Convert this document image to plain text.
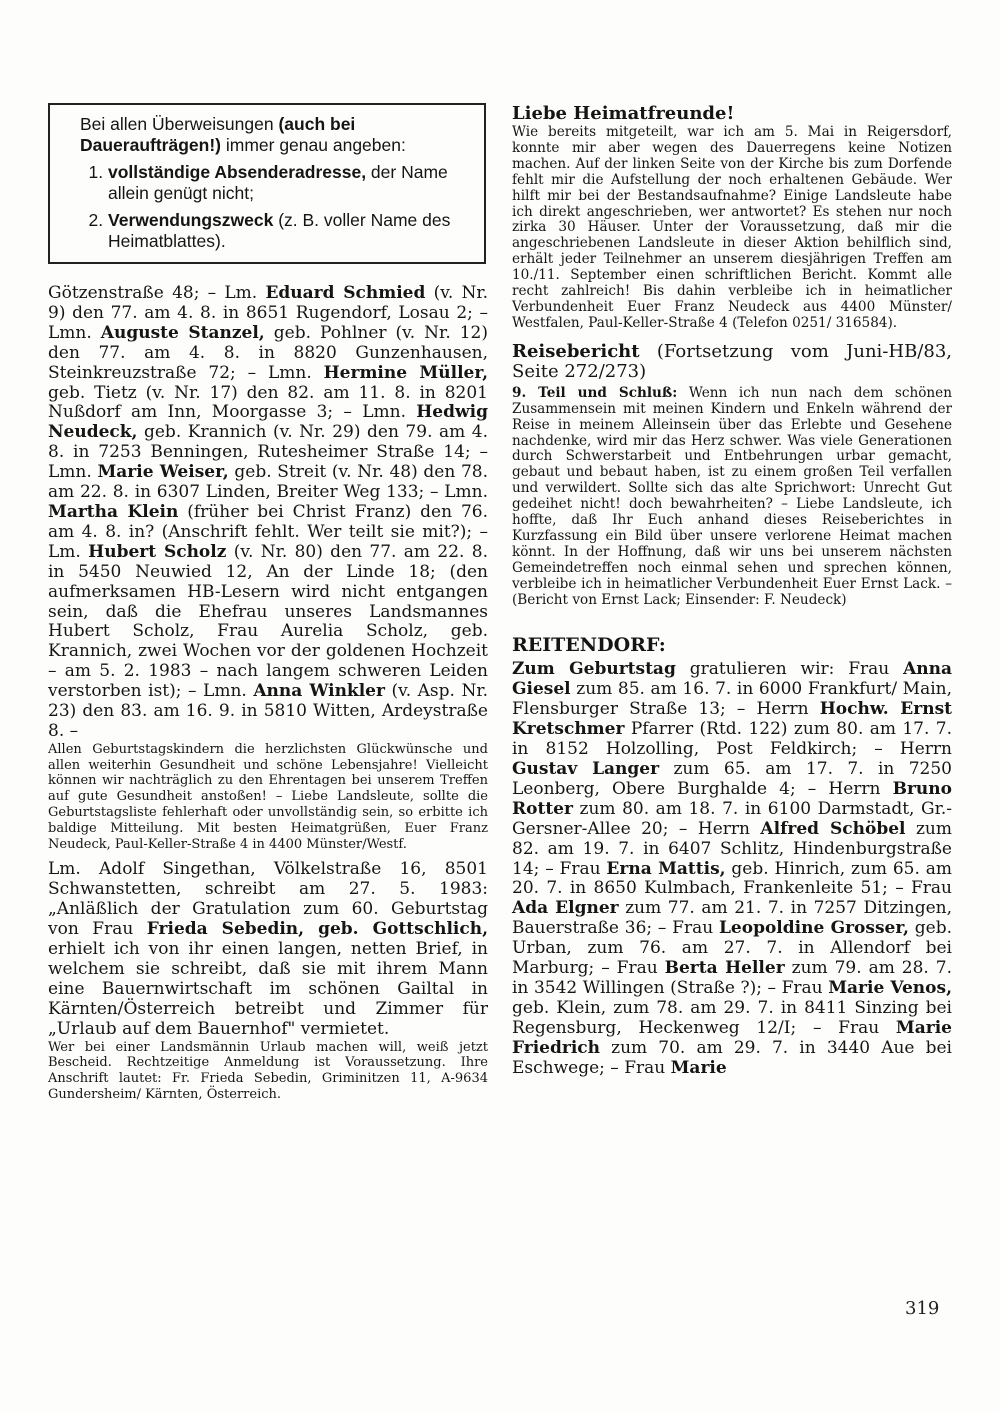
Bei allen Überweisungen (auch bei Daueraufträgen!) immer genau angeben:
1. vollständige Absenderadresse, der Name allein genügt nicht;
2. Verwendungszweck (z. B. voller Name des Heimatblattes).

Götzenstraße 48; – Lm. Eduard Schmied (v. Nr. 9) den 77. am 4. 8. in 8651 Rugendorf, Losau 2; – Lmn. Auguste Stanzel, geb. Pohlner (v. Nr. 12) den 77. am 4. 8. in 8820 Gunzenhausen, Steinkreuzstraße 72; – Lmn. Hermine Müller, geb. Tietz (v. Nr. 17) den 82. am 11. 8. in 8201 Nußdorf am Inn, Moorgasse 3; – Lmn. Hedwig Neudeck, geb. Krannich (v. Nr. 29) den 79. am 4. 8. in 7253 Benningen, Rutesheimer Straße 14; – Lmn. Marie Weiser, geb. Streit (v. Nr. 48) den 78. am 22. 8. in 6307 Linden, Breiter Weg 133; – Lmn. Martha Klein (früher bei Christ Franz) den 76. am 4. 8. in? (Anschrift fehlt. Wer teilt sie mit?); – Lm. Hubert Scholz (v. Nr. 80) den 77. am 22. 8. in 5450 Neuwied 12, An der Linde 18; (den aufmerksamen HB-Lesern wird nicht entgangen sein, daß die Ehefrau unseres Landsmannes Hubert Scholz, Frau Aurelia Scholz, geb. Krannich, zwei Wochen vor der goldenen Hochzeit – am 5. 2. 1983 – nach langem schweren Leiden verstorben ist); – Lmn. Anna Winkler (v. Asp. Nr. 23) den 83. am 16. 9. in 5810 Witten, Ardeystraße 8. –

Allen Geburtstagskindern die herzlichsten Glückwünsche und allen weiterhin Gesundheit und schöne Lebensjahre! Vielleicht können wir nachträglich zu den Ehrentagen bei unserem Treffen auf gute Gesundheit anstoßen! – Liebe Landsleute, sollte die Geburtstagsliste fehlerhaft oder unvollständig sein, so erbitte ich baldige Mitteilung. Mit besten Heimatgrüßen, Euer Franz Neudeck, Paul-Keller-Straße 4 in 4400 Münster/Westf.

Lm. Adolf Singethan, Völkelstraße 16, 8501 Schwanstetten, schreibt am 27. 5. 1983: „Anläßlich der Gratulation zum 60. Geburtstag von Frau Frieda Sebedin, geb. Gottschlich, erhielt ich von ihr einen langen, netten Brief, in welchem sie schreibt, daß sie mit ihrem Mann eine Bauernwirtschaft im schönen Gailtal in Kärnten/Österreich betreibt und Zimmer für „Urlaub auf dem Bauernhof" vermietet.

Wer bei einer Landsmännin Urlaub machen will, weiß jetzt Bescheid. Rechtzeitige Anmeldung ist Voraussetzung. Ihre Anschrift lautet: Fr. Frieda Sebedin, Griminitzen 11, A-9634 Gundersheim/ Kärnten, Österreich.

Liebe Heimatfreunde!

Wie bereits mitgeteilt, war ich am 5. Mai in Reigersdorf, konnte mir aber wegen des Dauerregens keine Notizen machen. Auf der linken Seite von der Kirche bis zum Dorfende fehlt mir die Aufstellung der noch erhaltenen Gebäude. Wer hilft mir bei der Bestandsaufnahme? Einige Landsleute habe ich direkt angeschrieben, wer antwortet? Es stehen nur noch zirka 30 Häuser. Unter der Voraussetzung, daß mir die angeschriebenen Landsleute in dieser Aktion behilflich sind, erhält jeder Teilnehmer an unserem diesjährigen Treffen am 10./11. September einen schriftlichen Bericht. Kommt alle recht zahlreich! Bis dahin verbleibe ich in heimatlicher Verbundenheit Euer Franz Neudeck aus 4400 Münster/ Westfalen, Paul-Keller-Straße 4 (Telefon 0251/ 316584).

Reisebericht (Fortsetzung vom Juni-HB/83, Seite 272/273)

9. Teil und Schluß: Wenn ich nun nach dem schönen Zusammensein mit meinen Kindern und Enkeln während der Reise in meinem Alleinsein über das Erlebte und Gesehene nachdenke, wird mir das Herz schwer. Was viele Generationen durch Schwerstarbeit und Entbehrungen urbar gemacht, gebaut und bebaut haben, ist zu einem großen Teil verfallen und verwildert. Sollte sich das alte Sprichwort: Unrecht Gut gedeihet nicht! doch bewahrheiten? – Liebe Landsleute, ich hoffte, daß Ihr Euch anhand dieses Reiseberichtes in Kurzfassung ein Bild über unsere verlorene Heimat machen könnt. In der Hoffnung, daß wir uns bei unserem nächsten Gemeindetreffen noch einmal sehen und sprechen können, verbleibe ich in heimatlicher Verbundenheit Euer Ernst Lack. – (Bericht von Ernst Lack; Einsender: F. Neudeck)

REITENDORF:

Zum Geburtstag gratulieren wir: Frau Anna Giesel zum 85. am 16. 7. in 6000 Frankfurt/ Main, Flensburger Straße 13; – Herrn Hochw. Ernst Kretschmer Pfarrer (Rtd. 122) zum 80. am 17. 7. in 8152 Holzolling, Post Feldkirch; – Herrn Gustav Langer zum 65. am 17. 7. in 7250 Leonberg, Obere Burghalde 4; – Herrn Bruno Rotter zum 80. am 18. 7. in 6100 Darmstadt, Gr.-Gersner-Allee 20; – Herrn Alfred Schöbel zum 82. am 19. 7. in 6407 Schlitz, Hindenburgstraße 14; – Frau Erna Mattis, geb. Hinrich, zum 65. am 20. 7. in 8650 Kulmbach, Frankenleite 51; – Frau Ada Elgner zum 77. am 21. 7. in 7257 Ditzingen, Bauerstraße 36; – Frau Leopoldine Grosser, geb. Urban, zum 76. am 27. 7. in Allendorf bei Marburg; – Frau Berta Heller zum 79. am 28. 7. in 3542 Willingen (Straße ?); – Frau Marie Venos, geb. Klein, zum 78. am 29. 7. in 8411 Sinzing bei Regensburg, Heckenweg 12/I; – Frau Marie Friedrich zum 70. am 29. 7. in 3440 Aue bei Eschwege; – Frau Marie

319
